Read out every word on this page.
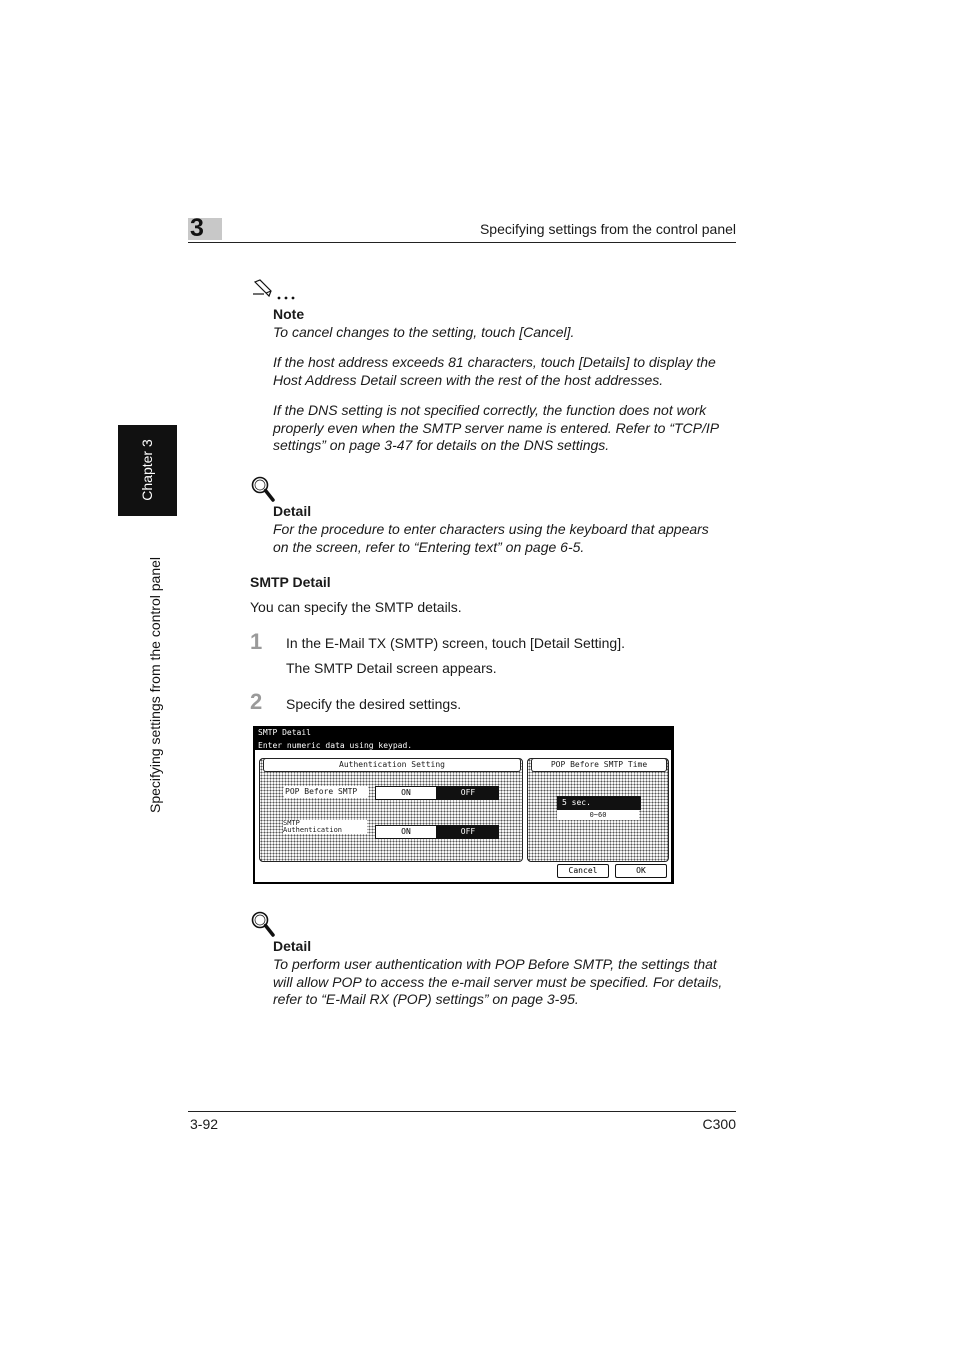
3	Specifying settings from the control panel
Chapter 3
Specifying settings from the control panel
Note
To cancel changes to the setting, touch [Cancel].
If the host address exceeds 81 characters, touch [Details] to display the
Host Address Detail screen with the rest of the host addresses.
If the DNS setting is not specified correctly, the function does not work
properly even when the SMTP server name is entered. Refer to “TCP/IP
settings” on page 3-47 for details on the DNS settings.
Detail
For the procedure to enter characters using the keyboard that appears
on the screen, refer to “Entering text” on page 6-5.
SMTP Detail
You can specify the SMTP details.
1 In the E-Mail TX (SMTP) screen, touch [Detail Setting].
The SMTP Detail screen appears.
2 Specify the desired settings.
SMTP Detail
Enter numeric data using keypad.
Authentication Setting
POP Before SMTP	ON	OFF
SMTP
Authentication	ON	OFF
POP Before SMTP Time
5 sec.
0~60
Cancel	OK
Detail
To perform user authentication with POP Before SMTP, the settings that
will allow POP to access the e-mail server must be specified. For details,
refer to “E-Mail RX (POP) settings” on page 3-95.
3-92	C300
